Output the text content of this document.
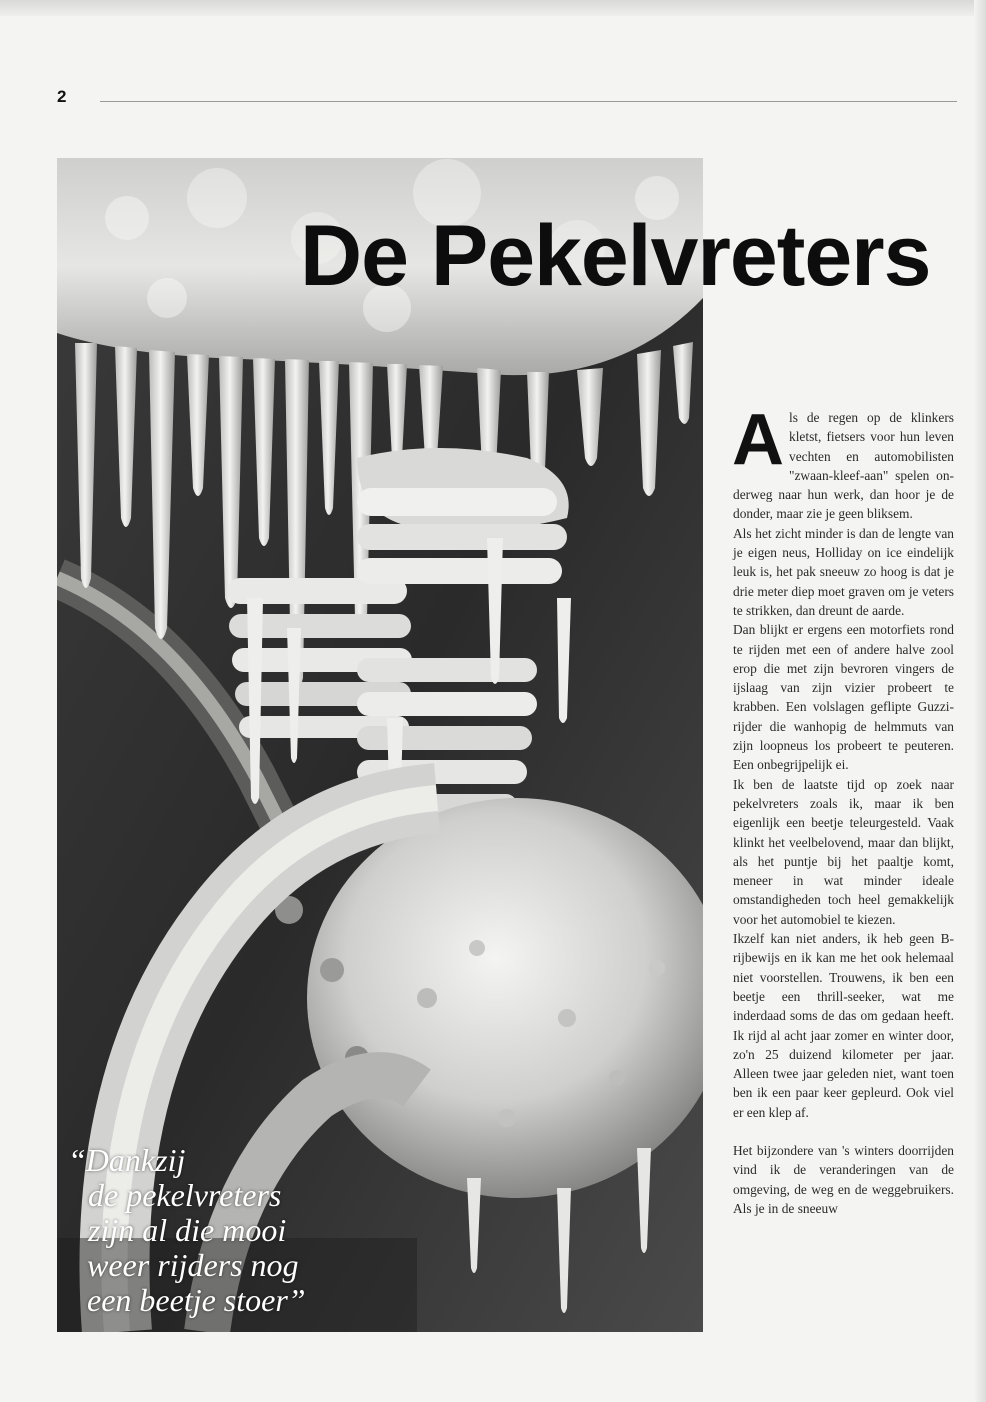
2
De Pekelvreters
“Dankzij
de pekelvreters
zijn al die mooi
weer rijders nog
een beetje stoer”

Als de regen op de klinkers kletst, fietsers voor hun leven vechten en automobilisten "zwaan-kleef-aan" spelen onderweg naar hun werk, dan hoor je de donder, maar zie je geen bliksem.

Als het zicht minder is dan de lengte van je eigen neus, Holliday on ice eindelijk leuk is, het pak sneeuw zo hoog is dat je drie meter diep moet graven om je veters te strikken, dan dreunt de aarde.

Dan blijkt er ergens een motorfiets rond te rijden met een of andere halve zool erop die met zijn bevroren vingers de ijslaag van zijn vizier probeert te krabben. Een volslagen geflipte Guzzi-rijder die wanhopig de helmmuts van zijn loopneus los probeert te peuteren. Een onbegrijpelijk ei.

Ik ben de laatste tijd op zoek naar pekelvreters zoals ik, maar ik ben eigenlijk een beetje teleurgesteld. Vaak klinkt het veelbelovend, maar dan blijkt, als het puntje bij het paaltje komt, meneer in wat minder ideale omstandigheden toch heel gemakkelijk voor het automobiel te kiezen.

Ikzelf kan niet anders, ik heb geen B-rijbewijs en ik kan me het ook helemaal niet voorstellen. Trouwens, ik ben een beetje een thrill-seeker, wat me inderdaad soms de das om gedaan heeft. Ik rijd al acht jaar zomer en winter door, zo'n 25 duizend kilometer per jaar. Alleen twee jaar geleden niet, want toen ben ik een paar keer gepleurd. Ook viel er een klep af.

Het bijzondere van 's winters doorrijden vind ik de veranderingen van de omgeving, de weg en de weggebruikers. Als je in de sneeuw
